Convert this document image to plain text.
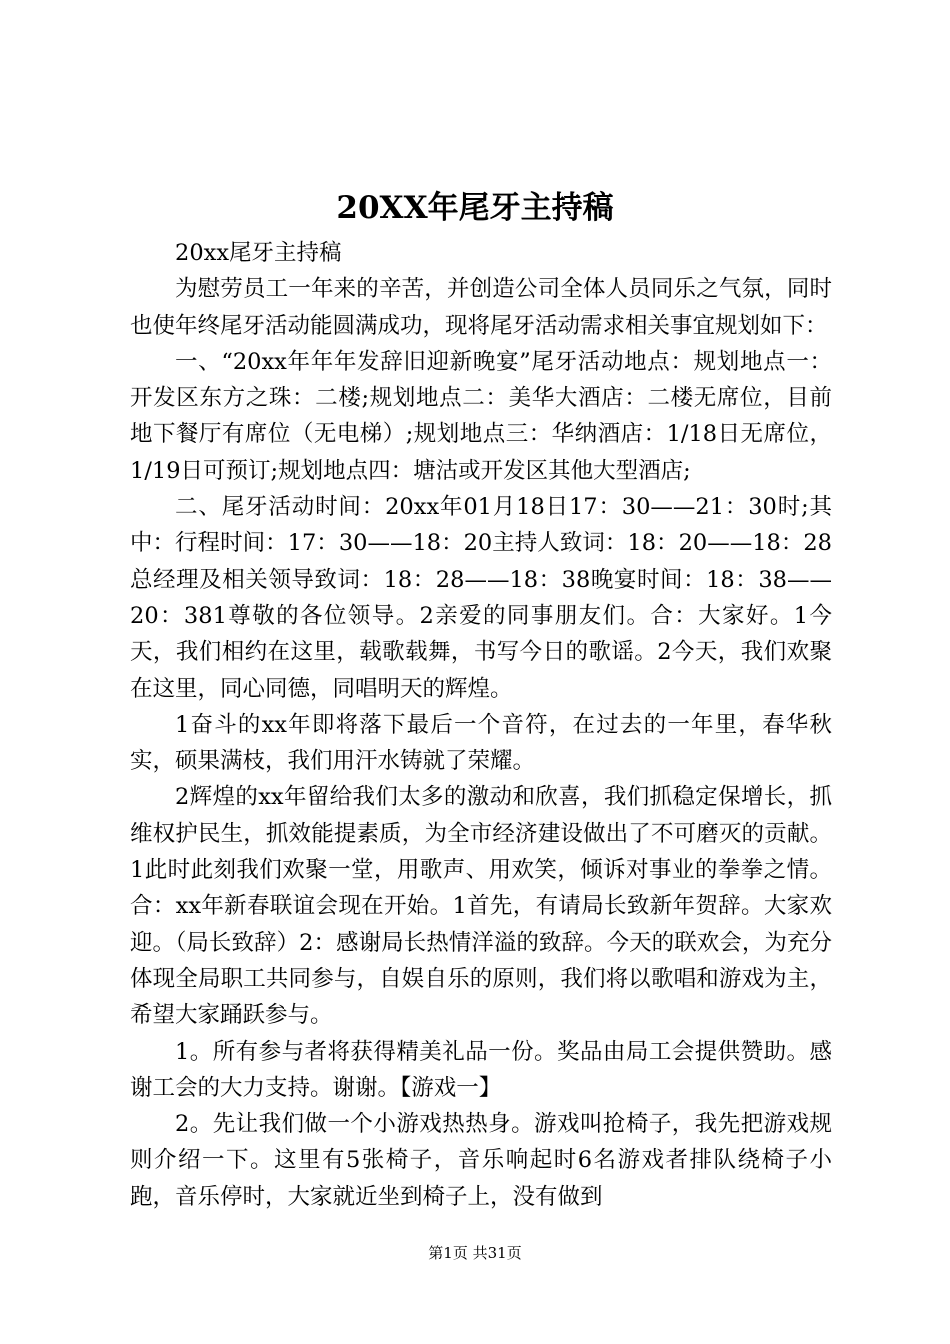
20XX年尾牙主持稿

20xx尾牙主持稿

为慰劳员工一年来的辛苦，并创造公司全体人员同乐之气氛，同时也使年终尾牙活动能圆满成功，现将尾牙活动需求相关事宜规划如下：

一、“20xx年年年发辞旧迎新晚宴”尾牙活动地点：规划地点一：开发区东方之珠：二楼;规划地点二：美华大酒店：二楼无席位，目前地下餐厅有席位（无电梯）;规划地点三：华纳酒店：1/18日无席位，1/19日可预订;规划地点四：塘沽或开发区其他大型酒店;

二、尾牙活动时间：20xx年01月18日17：30——21：30时;其中：行程时间：17：30——18：20主持人致词：18：20——18：28总经理及相关领导致词：18：28——18：38晚宴时间：18：38——20：381尊敬的各位领导。2亲爱的同事朋友们。合：大家好。1今天，我们相约在这里，载歌载舞，书写今日的歌谣。2今天，我们欢聚在这里，同心同德，同唱明天的辉煌。

1奋斗的xx年即将落下最后一个音符，在过去的一年里，春华秋实，硕果满枝，我们用汗水铸就了荣耀。

2辉煌的xx年留给我们太多的激动和欣喜，我们抓稳定保增长，抓维权护民生，抓效能提素质，为全市经济建设做出了不可磨灭的贡献。1此时此刻我们欢聚一堂，用歌声、用欢笑，倾诉对事业的拳拳之情。合：xx年新春联谊会现在开始。1首先，有请局长致新年贺辞。大家欢迎。（局长致辞）2：感谢局长热情洋溢的致辞。今天的联欢会，为充分体现全局职工共同参与，自娱自乐的原则，我们将以歌唱和游戏为主，希望大家踊跃参与。

1。所有参与者将获得精美礼品一份。奖品由局工会提供赞助。感谢工会的大力支持。谢谢。【游戏一】

2。先让我们做一个小游戏热热身。游戏叫抢椅子，我先把游戏规则介绍一下。这里有5张椅子，音乐响起时6名游戏者排队绕椅子小跑，音乐停时，大家就近坐到椅子上，没有做到

第1页 共31页
